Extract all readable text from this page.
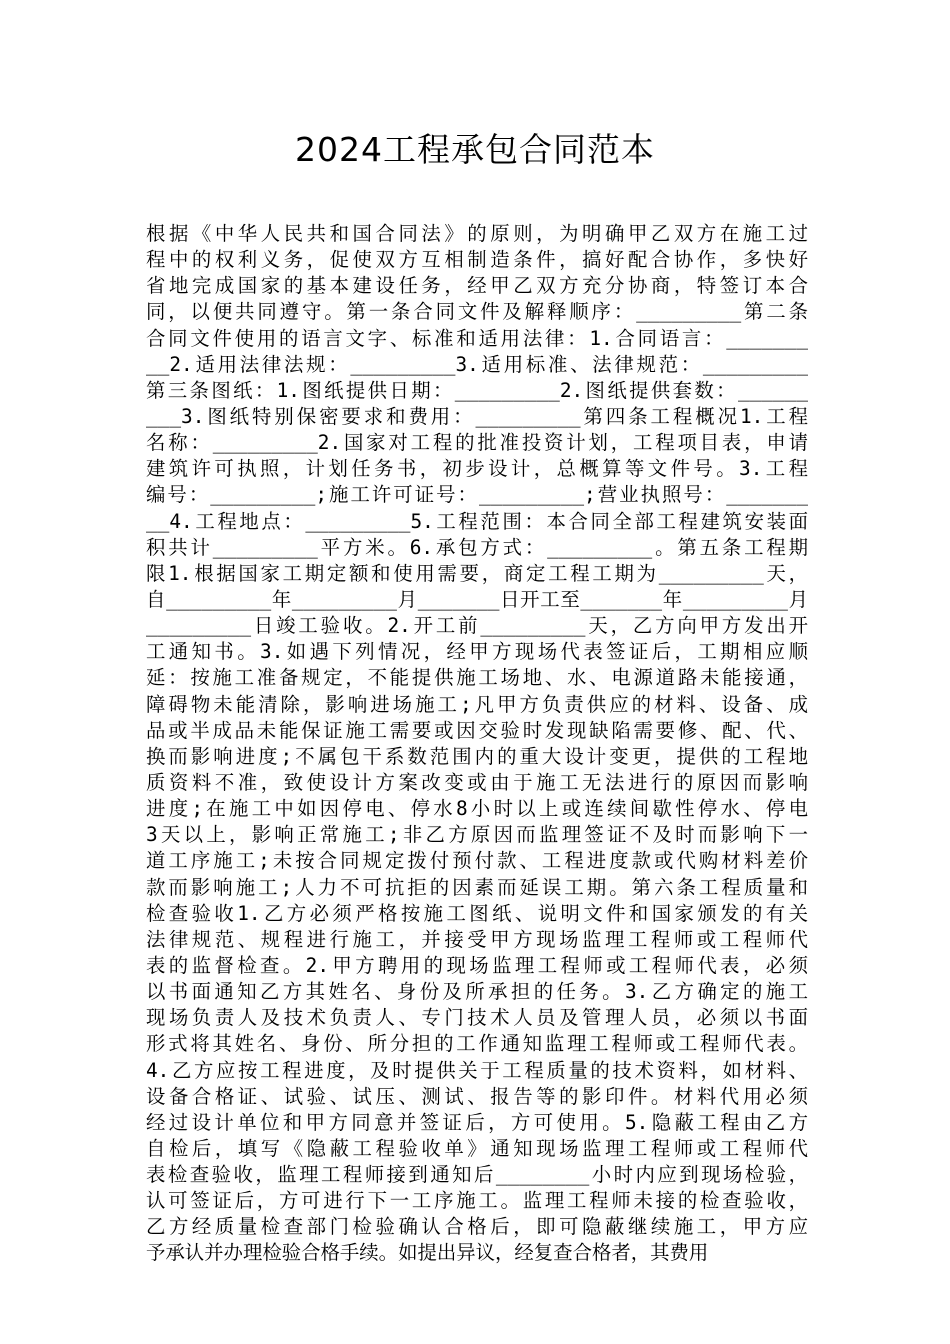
2024工程承包合同范本
根据《中华人民共和国合同法》的原则，为明确甲乙双方在施工过
程中的权利义务，促使双方互相制造条件，搞好配合协作，多快好
省地完成国家的基本建设任务，经甲乙双方充分协商，特签订本合
同，以便共同遵守。第一条合同文件及解释顺序：_________第二条
合同文件使用的语言文字、标准和适用法律：1.合同语言：_______
__2.适用法律法规：_________3.适用标准、法律规范：_________
第三条图纸：1.图纸提供日期：_________2.图纸提供套数：______
___3.图纸特别保密要求和费用：_________第四条工程概况1.工程
名称：_________2.国家对工程的批准投资计划，工程项目表，申请
建筑许可执照，计划任务书，初步设计，总概算等文件号。3.工程
编号：_________;施工许可证号：_________;营业执照号：_______
__4.工程地点：_________5.工程范围：本合同全部工程建筑安装面
积共计_________平方米。6.承包方式：_________。第五条工程期
限1.根据国家工期定额和使用需要，商定工程工期为_________天，
自_________年_________月_______日开工至_______年_________月
_________日竣工验收。2.开工前_________天，乙方向甲方发出开
工通知书。3.如遇下列情况，经甲方现场代表签证后，工期相应顺
延：按施工准备规定，不能提供施工场地、水、电源道路未能接通，
障碍物未能清除，影响进场施工;凡甲方负责供应的材料、设备、成
品或半成品未能保证施工需要或因交验时发现缺陷需要修、配、代、
换而影响进度;不属包干系数范围内的重大设计变更，提供的工程地
质资料不准，致使设计方案改变或由于施工无法进行的原因而影响
进度;在施工中如因停电、停水8小时以上或连续间歇性停水、停电
3天以上，影响正常施工;非乙方原因而监理签证不及时而影响下一
道工序施工;未按合同规定拨付预付款、工程进度款或代购材料差价
款而影响施工;人力不可抗拒的因素而延误工期。第六条工程质量和
检查验收1.乙方必须严格按施工图纸、说明文件和国家颁发的有关
法律规范、规程进行施工，并接受甲方现场监理工程师或工程师代
表的监督检查。2.甲方聘用的现场监理工程师或工程师代表，必须
以书面通知乙方其姓名、身份及所承担的任务。3.乙方确定的施工
现场负责人及技术负责人、专门技术人员及管理人员，必须以书面
形式将其姓名、身份、所分担的工作通知监理工程师或工程师代表。
4.乙方应按工程进度，及时提供关于工程质量的技术资料，如材料、
设备合格证、试验、试压、测试、报告等的影印件。材料代用必须
经过设计单位和甲方同意并签证后，方可使用。5.隐蔽工程由乙方
自检后，填写《隐蔽工程验收单》通知现场监理工程师或工程师代
表检查验收，监理工程师接到通知后________小时内应到现场检验，
认可签证后，方可进行下一工序施工。监理工程师未接的检查验收，
乙方经质量检查部门检验确认合格后，即可隐蔽继续施工，甲方应
予承认并办理检验合格手续。如提出异议，经复查合格者，其费用
